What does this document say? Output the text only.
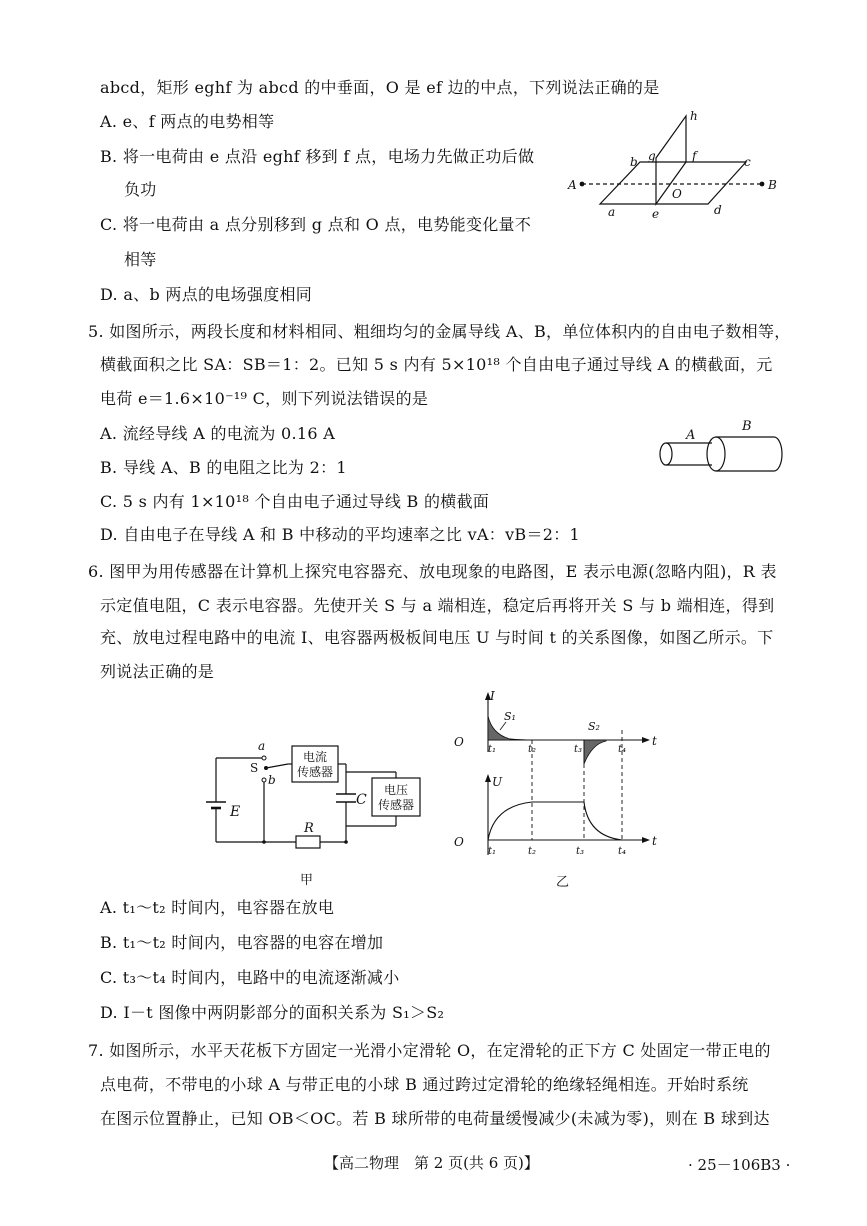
abcd，矩形 eghf 为 abcd 的中垂面，O 是 ef 边的中点，下列说法正确的是
A. e、f 两点的电势相等
B. 将一电荷由 e 点沿 eghf 移到 f 点，电场力先做正功后做
负功
C. 将一电荷由 a 点分别移到 g 点和 O 点，电势能变化量不
相等
D. a、b 两点的电场强度相同
h
b g	f	c
A	B
O
a	e	d
5. 如图所示，两段长度和材料相同、粗细均匀的金属导线 A、B，单位体积内的自由电子数相等，
横截面积之比 SA：SB＝1：2。已知 5 s 内有 5×10¹⁸ 个自由电子通过导线 A 的横截面，元
电荷 e＝1.6×10⁻¹⁹ C，则下列说法错误的是
A. 流经导线 A 的电流为 0.16 A
B. 导线 A、B 的电阻之比为 2：1
C. 5 s 内有 1×10¹⁸ 个自由电子通过导线 B 的横截面
D. 自由电子在导线 A 和 B 中移动的平均速率之比 vA：vB＝2：1
A
B
6. 图甲为用传感器在计算机上探究电容器充、放电现象的电路图，E 表示电源(忽略内阻)，R 表
示定值电阻，C 表示电容器。先使开关 S 与 a 端相连，稳定后再将开关 S 与 b 端相连，得到
充、放电过程电路中的电流 I、电容器两极板间电压 U 与时间 t 的关系图像，如图乙所示。下
列说法正确的是
E
a
S
b
电流
传感器
C
电压
传感器
R
甲
I
t
O
S₁
S₂
t₁	t₂	t₃	t₄
U
t
O
t₁	t₂	t₃	t₄
乙
A. t₁～t₂ 时间内，电容器在放电
B. t₁～t₂ 时间内，电容器的电容在增加
C. t₃～t₄ 时间内，电路中的电流逐渐减小
D. I－t 图像中两阴影部分的面积关系为 S₁＞S₂
7. 如图所示，水平天花板下方固定一光滑小定滑轮 O，在定滑轮的正下方 C 处固定一带正电的
点电荷，不带电的小球 A 与带正电的小球 B 通过跨过定滑轮的绝缘轻绳相连。开始时系统
在图示位置静止，已知 OB＜OC。若 B 球所带的电荷量缓慢减少(未减为零)，则在 B 球到达
【高二物理　第 2 页(共 6 页)】	· 25－106B3 ·
